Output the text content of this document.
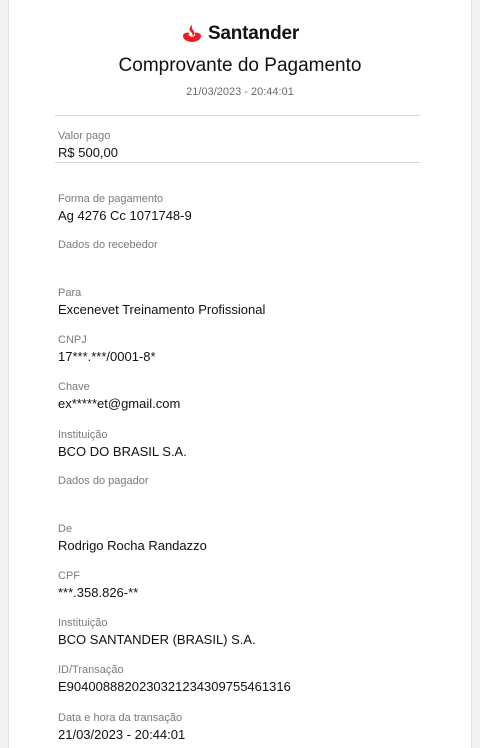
Santander
Comprovante do Pagamento
21/03/2023 - 20:44:01
Valor pago
R$ 500,00
Forma de pagamento
Ag 4276 Cc 1071748-9
Dados do recebedor
Para
Excenevet Treinamento Profissional
CNPJ
17***.***/0001-8*
Chave
ex*****et@gmail.com
Instituição
BCO DO BRASIL S.A.
Dados do pagador
De
Rodrigo Rocha Randazzo
CPF
***.358.826-**
Instituição
BCO SANTANDER (BRASIL) S.A.
ID/Transação
E90400888202303212343097554613​16
Data e hora da transação
21/03/2023 - 20:44:01
